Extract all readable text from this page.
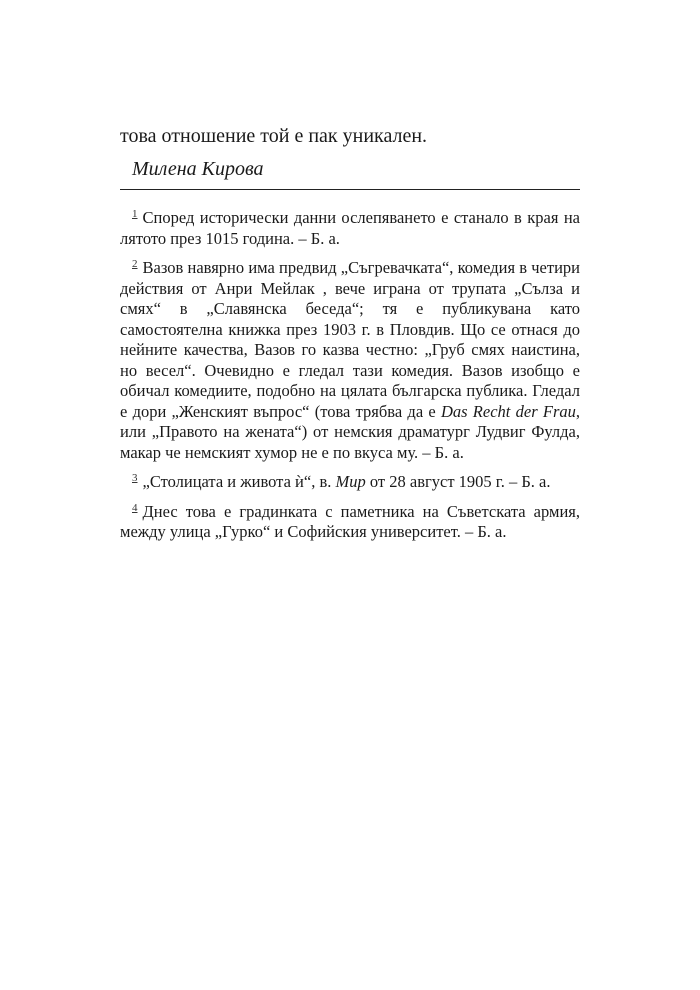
това отношение той е пак уникален.

Милена Кирова

$^1$ Според исторически данни ослепяването е станало в края на лятото през 1015 година. – Б. а.

$^2$ Вазов навярно има предвид „Съгревачката“, комедия в четири действия от Анри Мейлак , вече играна от трупата „Сълза и смях“ в „Славянска беседа“; тя е публикувана като самостоятелна книжка през 1903 г. в Пловдив. Що се отнася до нейните качества, Вазов го казва честно: „Груб смях наистина, но весел“. Очевидно е гледал тази комедия. Вазов изобщо е обичал комедиите, подобно на цялата българска публика. Гледал е дори „Женският въпрос“ (това трябва да е Das Recht der Frau, или „Правото на жената“) от немския драматург Лудвиг Фулда, макар че немският хумор не е по вкуса му. – Б. а.

$^3$ „Столицата и живота ѝ“, в. Мир от 28 август 1905 г. – Б. а.

$^4$ Днес това е градинката с паметника на Съветската армия, между улица „Гурко“ и Софийския университет. – Б. а.
